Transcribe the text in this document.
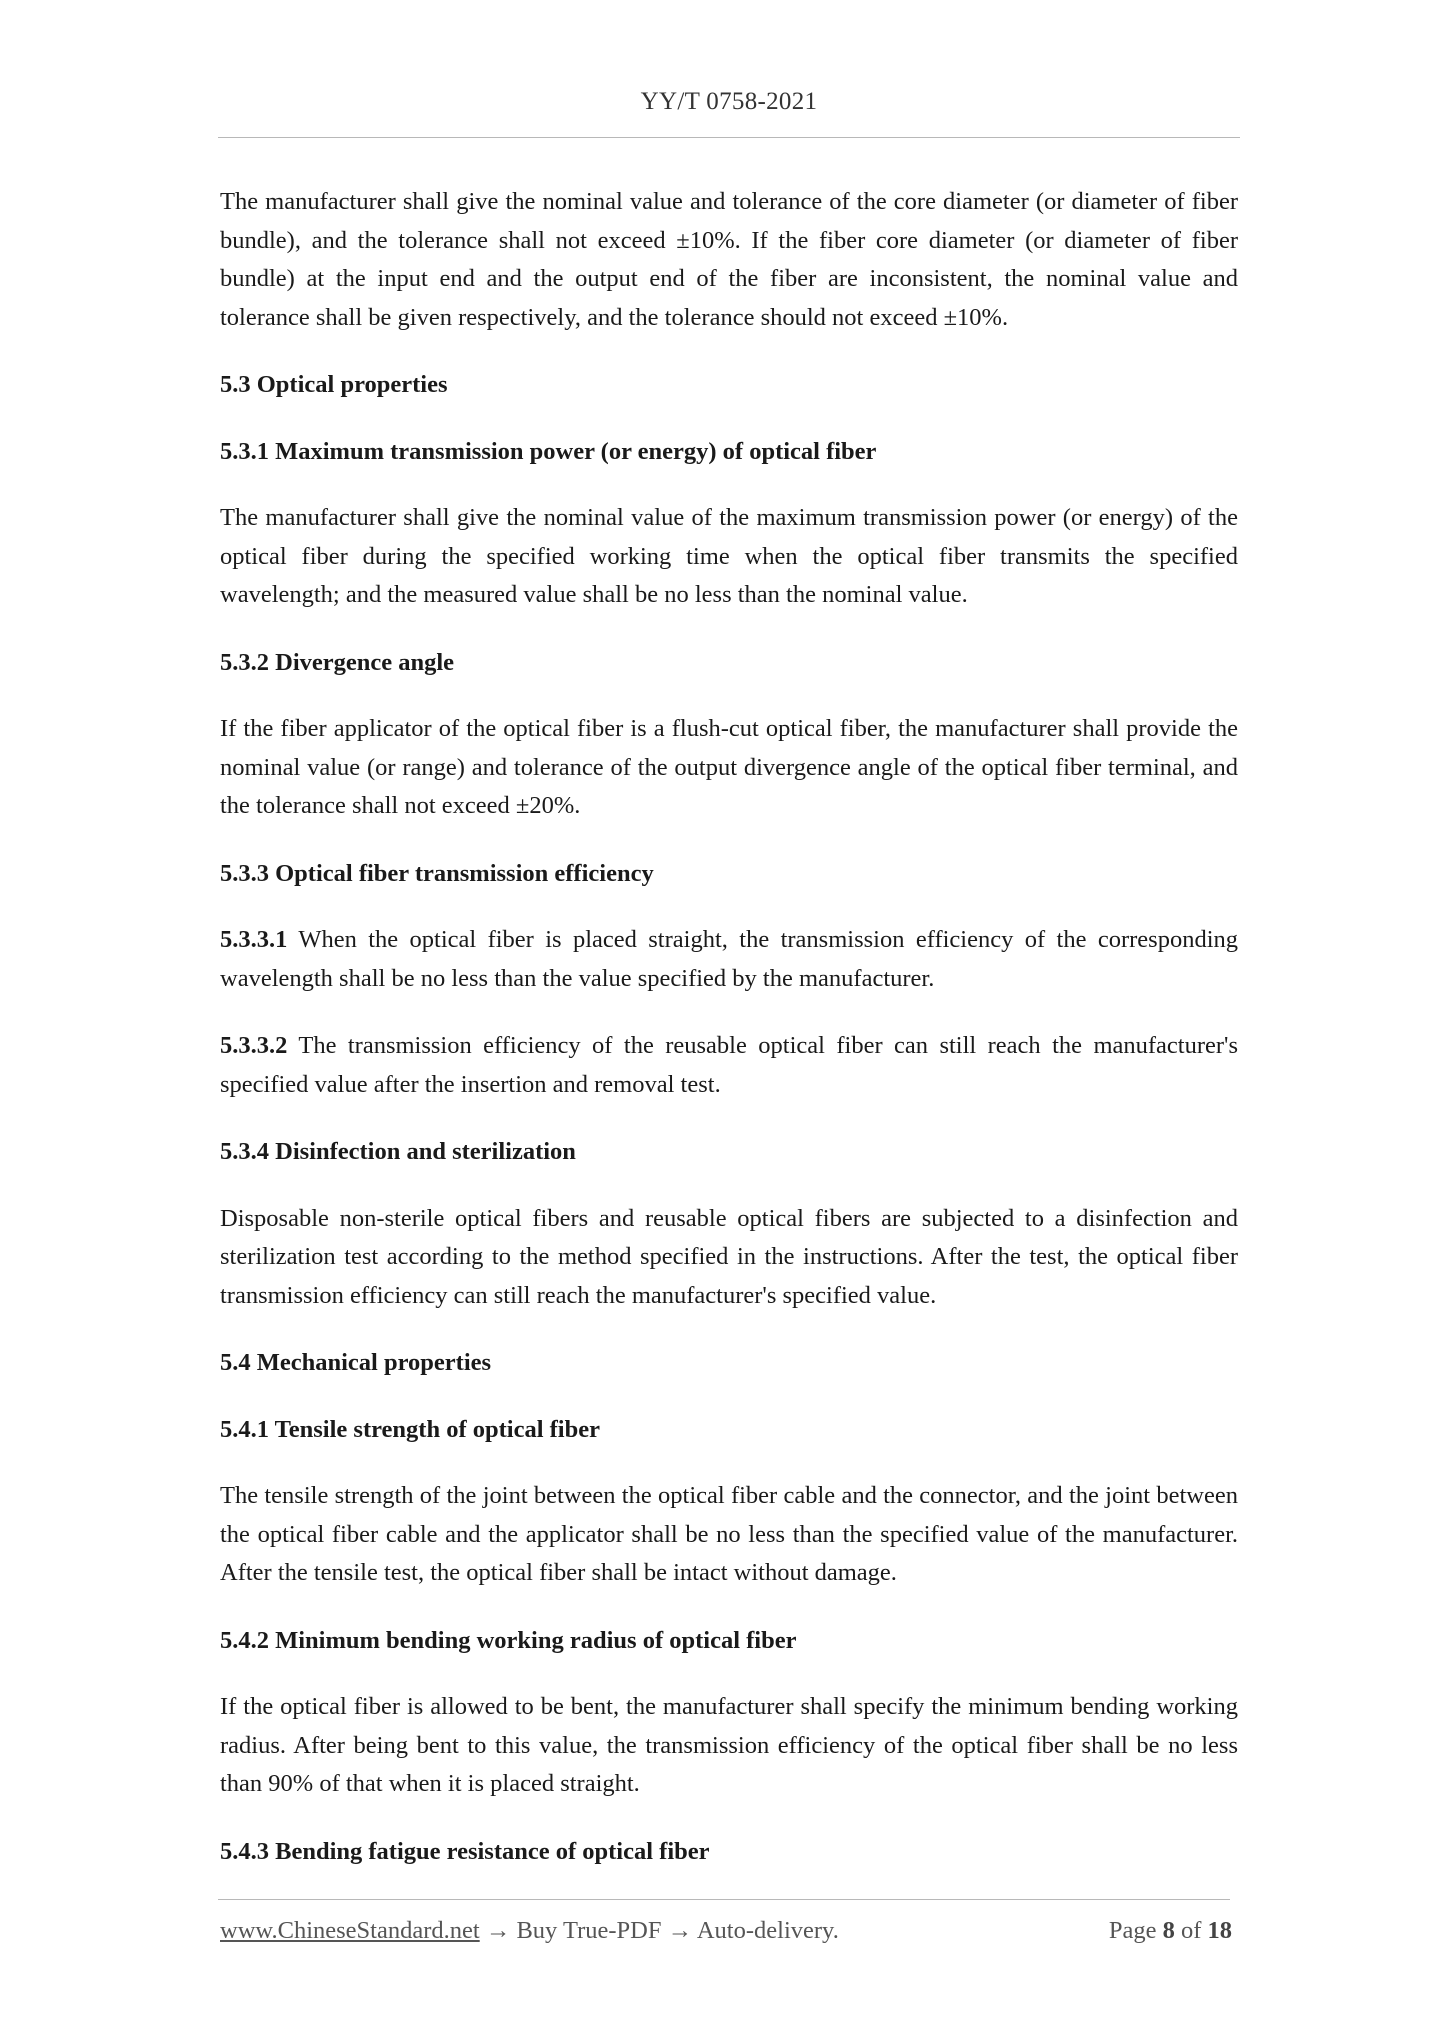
YY/T 0758-2021

The manufacturer shall give the nominal value and tolerance of the core diameter (or diameter of fiber bundle), and the tolerance shall not exceed ±10%. If the fiber core diameter (or diameter of fiber bundle) at the input end and the output end of the fiber are inconsistent, the nominal value and tolerance shall be given respectively, and the tolerance should not exceed ±10%.

5.3 Optical properties
5.3.1 Maximum transmission power (or energy) of optical fiber

The manufacturer shall give the nominal value of the maximum transmission power (or energy) of the optical fiber during the specified working time when the optical fiber transmits the specified wavelength; and the measured value shall be no less than the nominal value.

5.3.2 Divergence angle

If the fiber applicator of the optical fiber is a flush-cut optical fiber, the manufacturer shall provide the nominal value (or range) and tolerance of the output divergence angle of the optical fiber terminal, and the tolerance shall not exceed ±20%.

5.3.3 Optical fiber transmission efficiency

5.3.3.1 When the optical fiber is placed straight, the transmission efficiency of the corresponding wavelength shall be no less than the value specified by the manufacturer.

5.3.3.2 The transmission efficiency of the reusable optical fiber can still reach the manufacturer's specified value after the insertion and removal test.

5.3.4 Disinfection and sterilization

Disposable non-sterile optical fibers and reusable optical fibers are subjected to a disinfection and sterilization test according to the method specified in the instructions. After the test, the optical fiber transmission efficiency can still reach the manufacturer's specified value.

5.4 Mechanical properties
5.4.1 Tensile strength of optical fiber

The tensile strength of the joint between the optical fiber cable and the connector, and the joint between the optical fiber cable and the applicator shall be no less than the specified value of the manufacturer. After the tensile test, the optical fiber shall be intact without damage.

5.4.2 Minimum bending working radius of optical fiber

If the optical fiber is allowed to be bent, the manufacturer shall specify the minimum bending working radius. After being bent to this value, the transmission efficiency of the optical fiber shall be no less than 90% of that when it is placed straight.

5.4.3 Bending fatigue resistance of optical fiber
www.ChineseStandard.net → Buy True-PDF → Auto-delivery.	Page 8 of 18
